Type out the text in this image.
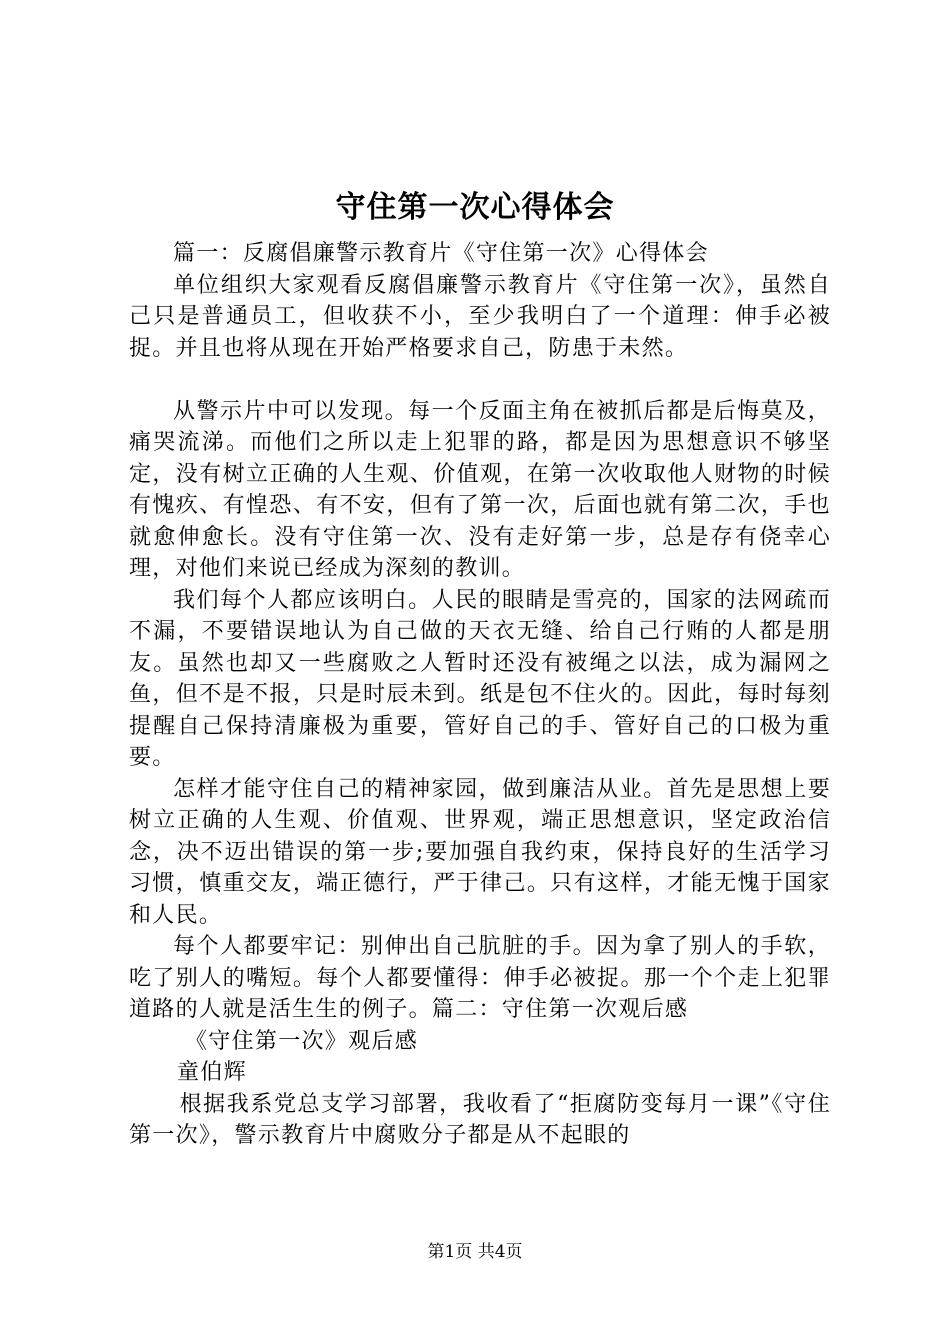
守住第一次心得体会

篇一：反腐倡廉警示教育片《守住第一次》心得体会

单位组织大家观看反腐倡廉警示教育片《守住第一次》，虽然自己只是普通员工，但收获不小，至少我明白了一个道理：伸手必被捉。并且也将从现在开始严格要求自己，防患于未然。

从警示片中可以发现。每一个反面主角在被抓后都是后悔莫及，痛哭流涕。而他们之所以走上犯罪的路，都是因为思想意识不够坚定，没有树立正确的人生观、价值观，在第一次收取他人财物的时候有愧疚、有惶恐、有不安，但有了第一次，后面也就有第二次，手也就愈伸愈长。没有守住第一次、没有走好第一步，总是存有侥幸心理，对他们来说已经成为深刻的教训。

我们每个人都应该明白。人民的眼睛是雪亮的，国家的法网疏而不漏，不要错误地认为自己做的天衣无缝、给自己行贿的人都是朋友。虽然也却又一些腐败之人暂时还没有被绳之以法，成为漏网之鱼，但不是不报，只是时辰未到。纸是包不住火的。因此，每时每刻提醒自己保持清廉极为重要，管好自己的手、管好自己的口极为重要。

怎样才能守住自己的精神家园，做到廉洁从业。首先是思想上要树立正确的人生观、价值观、世界观，端正思想意识，坚定政治信念，决不迈出错误的第一步;要加强自我约束，保持良好的生活学习习惯，慎重交友，端正德行，严于律己。只有这样，才能无愧于国家和人民。

每个人都要牢记：别伸出自己肮脏的手。因为拿了别人的手软，吃了别人的嘴短。每个人都要懂得：伸手必被捉。那一个个走上犯罪道路的人就是活生生的例子。篇二：守住第一次观后感

《守住第一次》观后感

童伯辉

根据我系党总支学习部署，我收看了“拒腐防变每月一课”《守住第一次》，警示教育片中腐败分子都是从不起眼的

第1页 共4页
